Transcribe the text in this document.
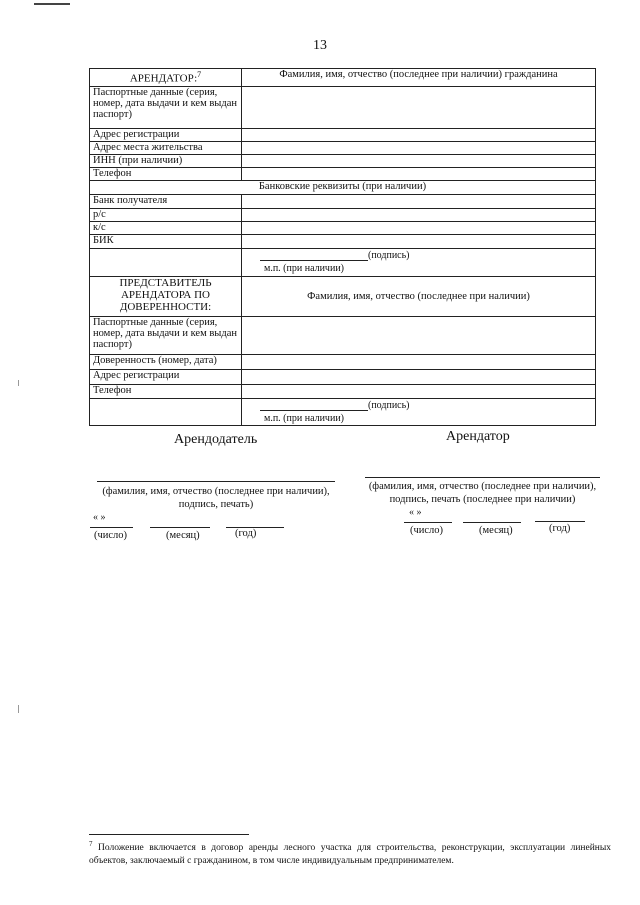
13
АРЕНДАТОР:$^7$	Фамилия, имя, отчество (последнее при наличии) гражданина
Паспортные данные (серия, номер, дата выдачи и кем выдан паспорт)	
Адрес регистрации	
Адрес места жительства	
ИНН (при наличии)	
Телефон	
Банковские реквизиты (при наличии)	
Банк получателя	
р/с	
к/с	
БИК	

	(подпись)
м.п. (при наличии)

ПРЕДСТАВИТЕЛЬ АРЕНДАТОРА ПО ДОВЕРЕННОСТИ:	Фамилия, имя, отчество (последнее при наличии)
Паспортные данные (серия, номер, дата выдачи и кем выдан паспорт)	
Доверенность (номер, дата)	
Адрес регистрации	
Телефон	

	(подпись)
м.п. (при наличии)
Арендодатель
(фамилия, имя, отчество (последнее при наличии), подпись, печать)
« »
(число)	(месяц)	(год)
Арендатор
(фамилия, имя, отчество (последнее при наличии), подпись, печать (последнее при наличии)
« »
(число)	(месяц)	(год)
$^7$ Положение включается в договор аренды лесного участка для строительства, реконструкции, эксплуатации линейных объектов, заключаемый с гражданином, в том числе индивидуальным предпринимателем.
